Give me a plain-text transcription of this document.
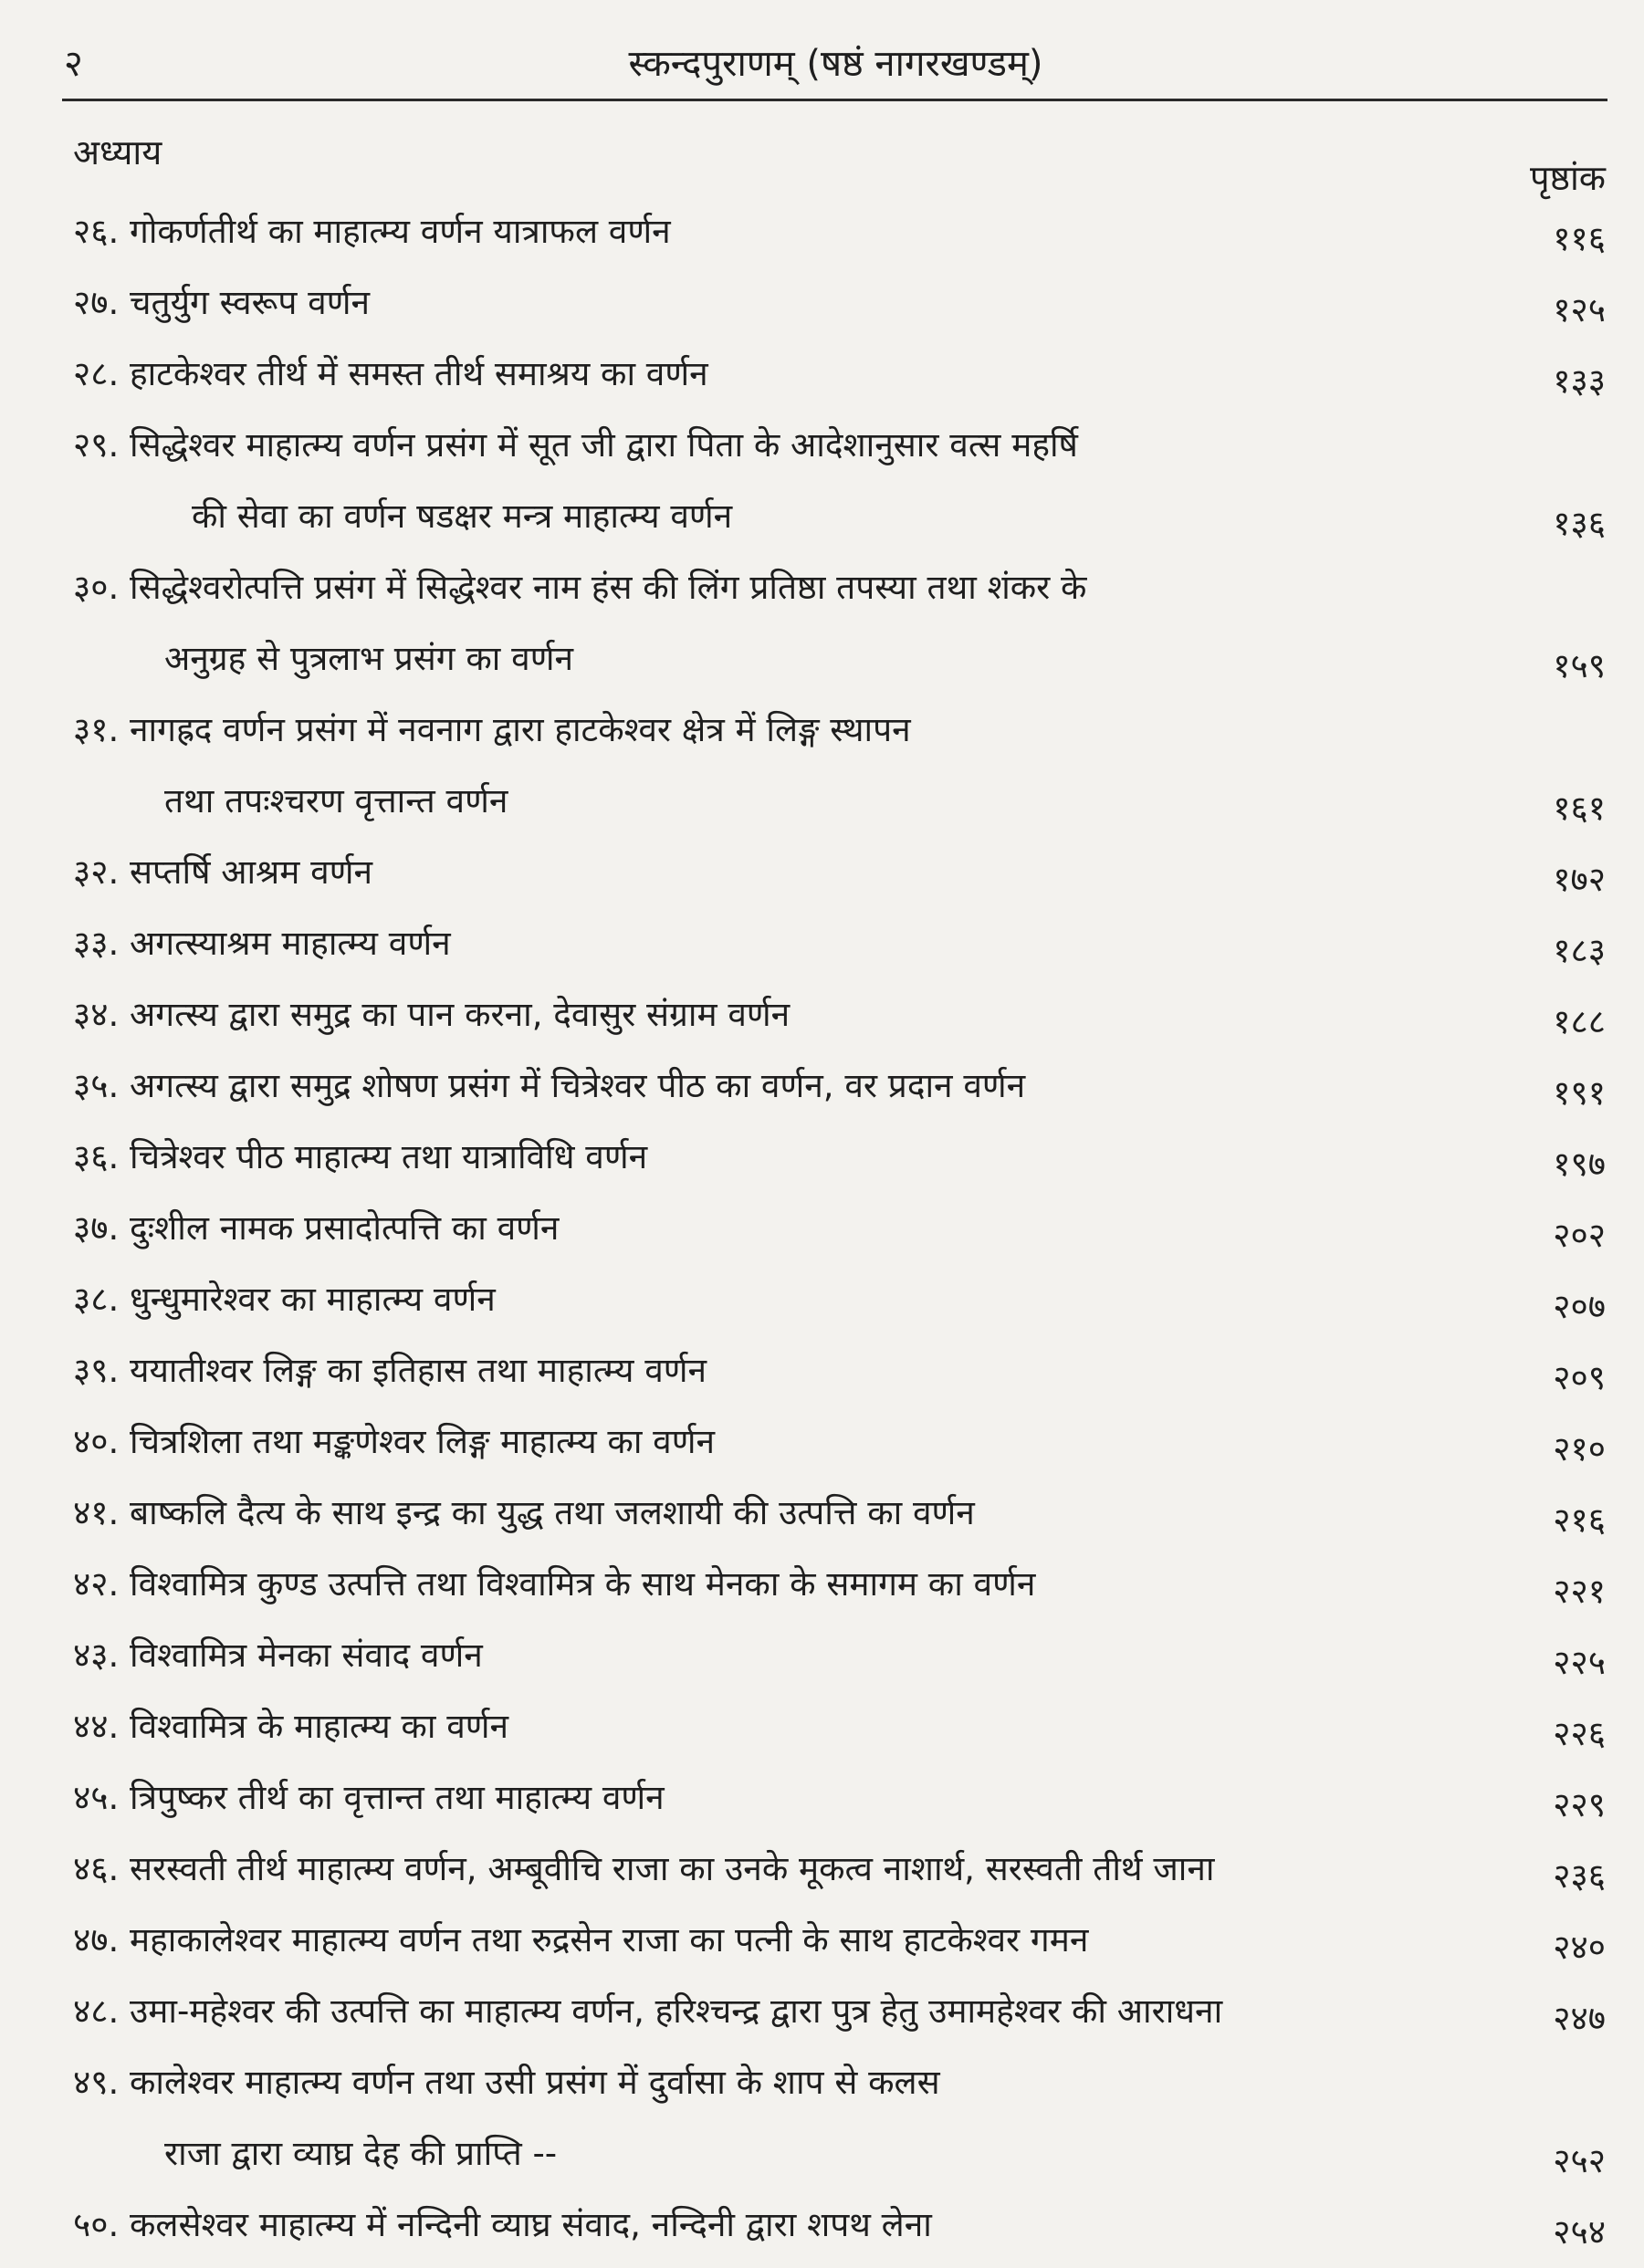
२	स्कन्दपुराणम् (षष्ठं नागरखण्डम्)
अध्याय
पृष्ठांक
२६. गोकर्णतीर्थ का माहात्म्य वर्णन यात्राफल वर्णन	११६
२७. चतुर्युग स्वरूप वर्णन	१२५
२८. हाटकेश्वर तीर्थ में समस्त तीर्थ समाश्रय का वर्णन	१३३
२९. सिद्धेश्वर माहात्म्य वर्णन प्रसंग में सूत जी द्वारा पिता के आदेशानुसार वत्स महर्षि
की सेवा का वर्णन षडक्षर मन्त्र माहात्म्य वर्णन	१३६
३०. सिद्धेश्वरोत्पत्ति प्रसंग में सिद्धेश्वर नाम हंस की लिंग प्रतिष्ठा तपस्या तथा शंकर के
अनुग्रह से पुत्रलाभ प्रसंग का वर्णन	१५९
३१. नागह्रद वर्णन प्रसंग में नवनाग द्वारा हाटकेश्वर क्षेत्र में लिङ्ग स्थापन
तथा तपःश्चरण वृत्तान्त वर्णन	१६१
३२. सप्तर्षि आश्रम वर्णन	१७२
३३. अगत्स्याश्रम माहात्म्य वर्णन	१८३
३४. अगत्स्य द्वारा समुद्र का पान करना, देवासुर संग्राम वर्णन	१८८
३५. अगत्स्य द्वारा समुद्र शोषण प्रसंग में चित्रेश्वर पीठ का वर्णन, वर प्रदान वर्णन	१९१
३६. चित्रेश्वर पीठ माहात्म्य तथा यात्राविधि वर्णन	१९७
३७. दुःशील नामक प्रसादोत्पत्ति का वर्णन	२०२
३८. धुन्धुमारेश्वर का माहात्म्य वर्णन	२०७
३९. ययातीश्वर लिङ्ग का इतिहास तथा माहात्म्य वर्णन	२०९
४०. चित्रशिला तथा मङ्कणेश्वर लिङ्ग माहात्म्य का वर्णन	२१०
४१. बाष्कलि दैत्य के साथ इन्द्र का युद्ध तथा जलशायी की उत्पत्ति का वर्णन	२१६
४२. विश्वामित्र कुण्ड उत्पत्ति तथा विश्वामित्र के साथ मेनका के समागम का वर्णन	२२१
४३. विश्वामित्र मेनका संवाद वर्णन	२२५
४४. विश्वामित्र के माहात्म्य का वर्णन	२२६
४५. त्रिपुष्कर तीर्थ का वृत्तान्त तथा माहात्म्य वर्णन	२२९
४६. सरस्वती तीर्थ माहात्म्य वर्णन, अम्बूवीचि राजा का उनके मूकत्व नाशार्थ, सरस्वती तीर्थ जाना	२३६
४७. महाकालेश्वर माहात्म्य वर्णन तथा रुद्रसेन राजा का पत्नी के साथ हाटकेश्वर गमन	२४०
४८. उमा-महेश्वर की उत्पत्ति का माहात्म्य वर्णन, हरिश्चन्द्र द्वारा पुत्र हेतु उमामहेश्वर की आराधना	२४७
४९. कालेश्वर माहात्म्य वर्णन तथा उसी प्रसंग में दुर्वासा के शाप से कलस
राजा द्वारा व्याघ्र देह की प्राप्ति --	२५२
५०. कलसेश्वर माहात्म्य में नन्दिनी व्याघ्र संवाद, नन्दिनी द्वारा शपथ लेना	२५४
